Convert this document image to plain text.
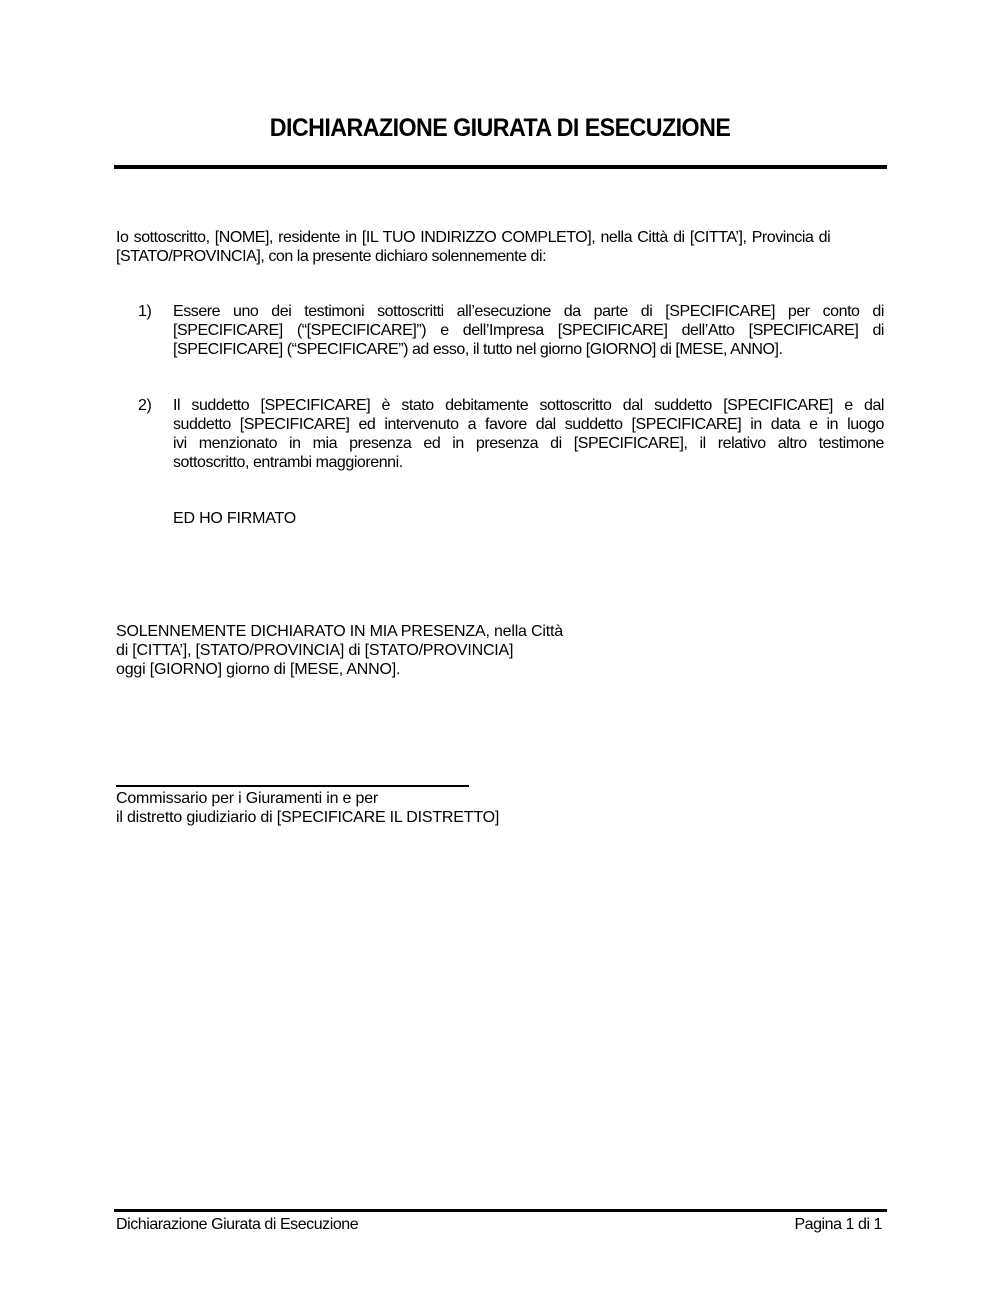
DICHIARAZIONE GIURATA DI ESECUZIONE
Io sottoscritto, [NOME], residente in [IL TUO INDIRIZZO COMPLETO], nella Città di [CITTA’], Provincia di
[STATO/PROVINCIA], con la presente dichiaro solennemente di:
1) Essere uno dei testimoni sottoscritti all’esecuzione da parte di [SPECIFICARE] per conto di
[SPECIFICARE] (“[SPECIFICARE]”) e dell’Impresa [SPECIFICARE] dell’Atto [SPECIFICARE] di
[SPECIFICARE] (“SPECIFICARE”) ad esso, il tutto nel giorno [GIORNO] di [MESE, ANNO].
2) Il suddetto [SPECIFICARE] è stato debitamente sottoscritto dal suddetto [SPECIFICARE] e dal
suddetto [SPECIFICARE] ed intervenuto a favore dal suddetto [SPECIFICARE] in data e in luogo
ivi menzionato in mia presenza ed in presenza di [SPECIFICARE], il relativo altro testimone
sottoscritto, entrambi maggiorenni.
ED HO FIRMATO
SOLENNEMENTE DICHIARATO IN MIA PRESENZA, nella Città
di [CITTA’], [STATO/PROVINCIA] di [STATO/PROVINCIA]
oggi [GIORNO] giorno di [MESE, ANNO].
Commissario per i Giuramenti in e per
il distretto giudiziario di [SPECIFICARE IL DISTRETTO]
Dichiarazione Giurata di Esecuzione	Pagina 1 di 1
